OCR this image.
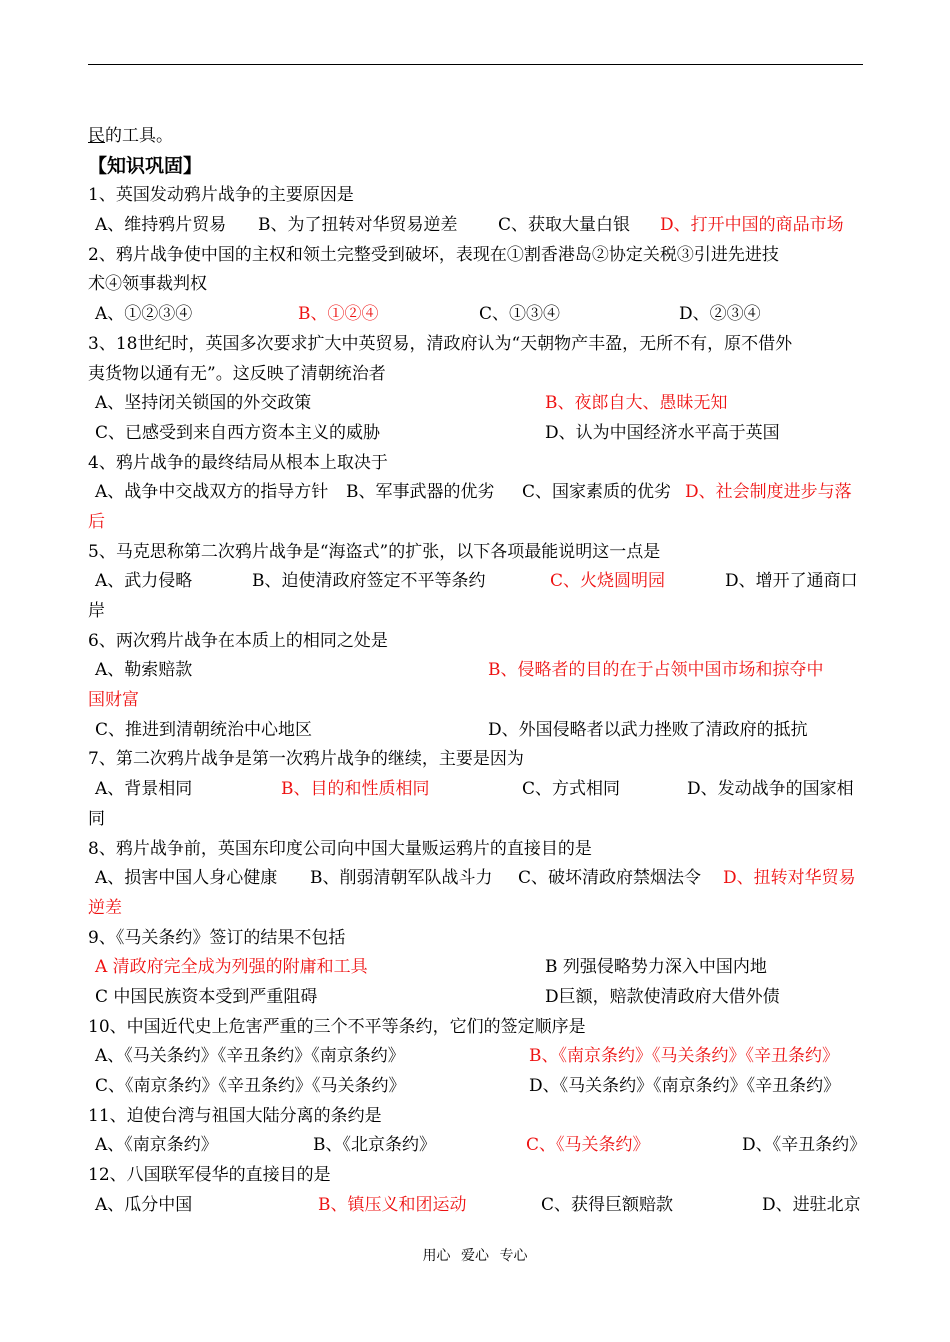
民的工具。
【知识巩固】
1、英国发动鸦片战争的主要原因是
A、维持鸦片贸易 B、为了扭转对华贸易逆差 C、获取大量白银 D、打开中国的商品市场
2、鸦片战争使中国的主权和领土完整受到破坏，表现在①割香港岛②协定关税③引进先进技
术④领事裁判权
A、①②③④	B、①②④	C、①③④	D、②③④
3、18世纪时，英国多次要求扩大中英贸易，清政府认为“天朝物产丰盈，无所不有，原不借外
夷货物以通有无”。这反映了清朝统治者
A、坚持闭关锁国的外交政策	B、夜郎自大、愚昧无知
C、已感受到来自西方资本主义的威胁	D、认为中国经济水平高于英国
4、鸦片战争的最终结局从根本上取决于
A、战争中交战双方的指导方针 B、军事武器的优劣 C、国家素质的优劣 D、社会制度进步与落
后
5、马克思称第二次鸦片战争是“海盗式”的扩张，以下各项最能说明这一点是
A、武力侵略	B、迫使清政府签定不平等条约	C、火烧圆明园	D、增开了通商口
岸
6、两次鸦片战争在本质上的相同之处是
A、勒索赔款	B、侵略者的目的在于占领中国市场和掠夺中
国财富
C、推进到清朝统治中心地区	D、外国侵略者以武力挫败了清政府的抵抗
7、第二次鸦片战争是第一次鸦片战争的继续，主要是因为
A、背景相同	B、目的和性质相同	C、方式相同	D、发动战争的国家相
同
8、鸦片战争前，英国东印度公司向中国大量贩运鸦片的直接目的是
A、损害中国人身心健康 B、削弱清朝军队战斗力 C、破坏清政府禁烟法令 D、扭转对华贸易
逆差
9、《马关条约》签订的结果不包括
A 清政府完全成为列强的附庸和工具	B 列强侵略势力深入中国内地
C 中国民族资本受到严重阻碍	D巨额，赔款使清政府大借外债
10、中国近代史上危害严重的三个不平等条约，它们的签定顺序是
A、《马关条约》《辛丑条约》《南京条约》	B、《南京条约》《马关条约》《辛丑条约》
C、《南京条约》《辛丑条约》《马关条约》	D、《马关条约》《南京条约》《辛丑条约》
11、迫使台湾与祖国大陆分离的条约是
A、《南京条约》	B、《北京条约》	C、《马关条约》	D、《辛丑条约》
12、八国联军侵华的直接目的是
A、瓜分中国	B、镇压义和团运动	C、获得巨额赔款	D、进驻北京
用心 爱心 专心
